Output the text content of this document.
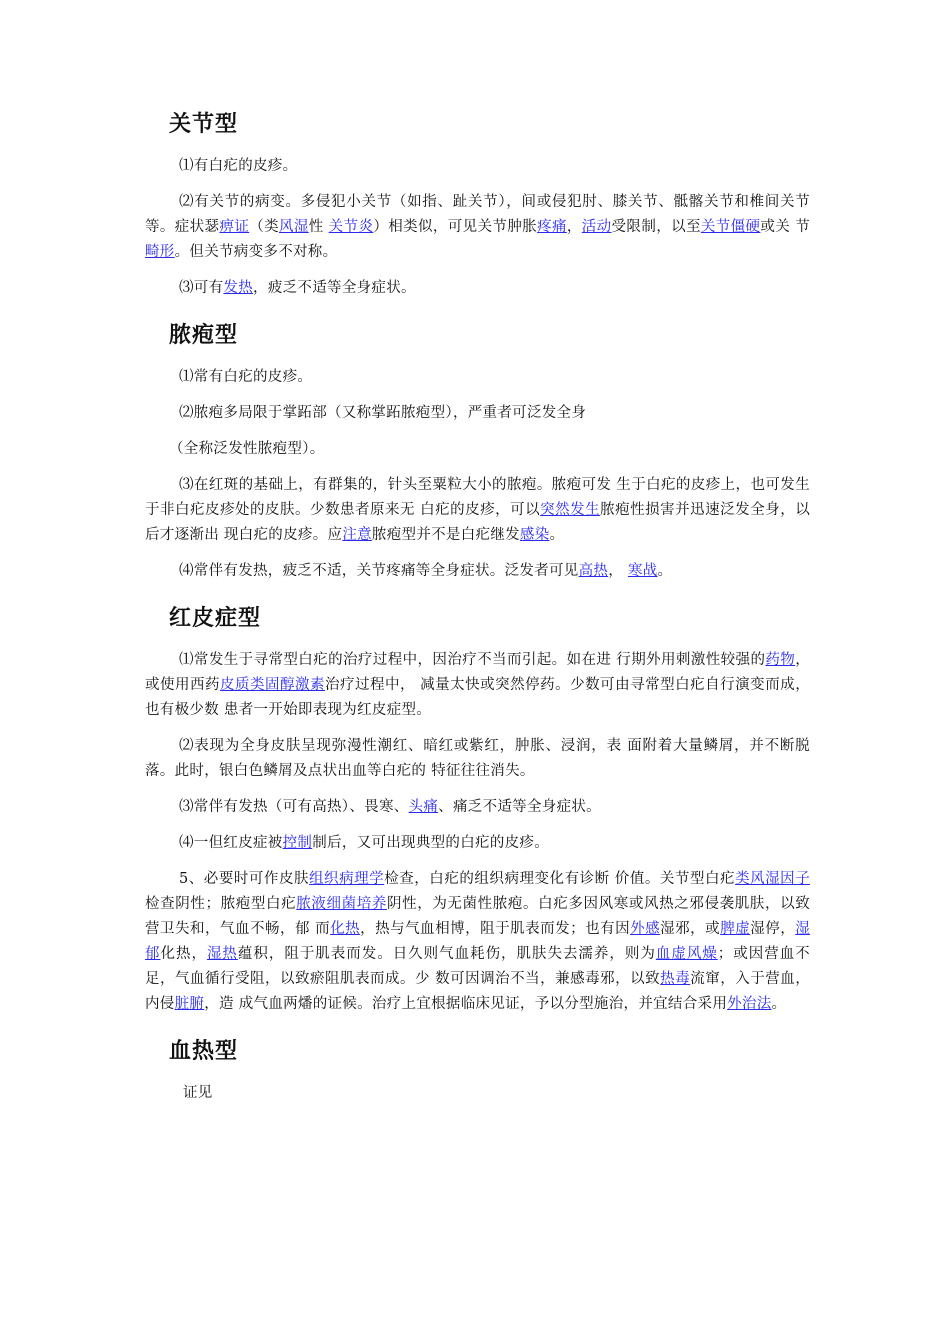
关节型

⑴有白疕的皮疹。

⑵有关节的病变。多侵犯小关节（如指、趾关节），间或侵犯肘、膝关节、骶髂关节和椎间关节等。症状瑟痹证（类风湿性 关节炎）相类似，可见关节肿胀疼痛，活动受限制，以至关节僵硬或关 节畸形。但关节病变多不对称。

⑶可有发热，疲乏不适等全身症状。

脓疱型

⑴常有白疕的皮疹。

⑵脓疱多局限于掌跖部（又称掌跖脓疱型），严重者可泛发全身

（全称泛发性脓疱型）。

⑶在红斑的基础上，有群集的，针头至粟粒大小的脓疱。脓疱可发 生于白疕的皮疹上，也可发生于非白疕皮疹处的皮肤。少数患者原来无 白疕的皮疹，可以突然发生脓疱性损害并迅速泛发全身，以后才逐渐出 现白疕的皮疹。应注意脓疱型并不是白疕继发感染。

⑷常伴有发热，疲乏不适，关节疼痛等全身症状。泛发者可见高热， 寒战。

红皮症型

⑴常发生于寻常型白疕的治疗过程中，因治疗不当而引起。如在进 行期外用刺激性较强的药物，或使用西药皮质类固醇激素治疗过程中， 减量太快或突然停药。少数可由寻常型白疕自行演变而成，也有极少数 患者一开始即表现为红皮症型。

⑵表现为全身皮肤呈现弥漫性潮红、暗红或紫红，肿胀、浸润，表 面附着大量鳞屑，并不断脱落。此时，银白色鳞屑及点状出血等白疕的 特征往往消失。

⑶常伴有发热（可有高热）、畏寒、头痛、痛乏不适等全身症状。

⑷一但红皮症被控制制后，又可出现典型的白疕的皮疹。

5、必要时可作皮肤组织病理学检查，白疕的组织病理变化有诊断 价值。关节型白疕类风湿因子检查阴性；脓疱型白疕脓液细菌培养阴性，为无菌性脓疱。白疕多因风寒或风热之邪侵袭肌肤，以致营卫失和，气血不畅，郁 而化热，热与气血相博，阻于肌表而发；也有因外感湿邪，或脾虚湿停，湿郁化热，湿热蕴积，阻于肌表而发。日久则气血耗伤，肌肤失去濡养，则为血虚风燥；或因营血不足，气血循行受阻，以致瘀阻肌表而成。少 数可因调治不当，兼感毒邪，以致热毒流窜，入于营血，内侵脏腑，造 成气血两燔的证候。治疗上宜根据临床见证，予以分型施治，并宜结合采用外治法。

血热型

证见
